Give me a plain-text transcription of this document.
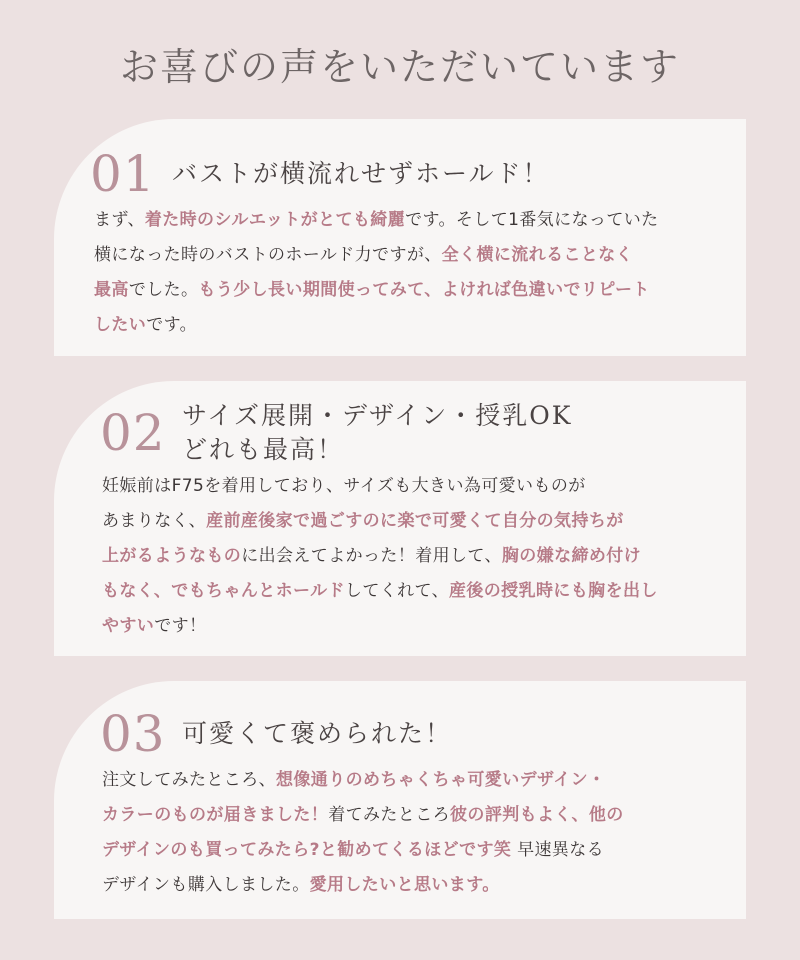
お喜びの声をいただいています
01 バストが横流れせずホールド！
まず、着た時のシルエットがとても綺麗です。そして1番気になっていた
横になった時のバストのホールド力ですが、全く横に流れることなく
最高でした。もう少し長い期間使ってみて、よければ色違いでリピート
したいです。
02 サイズ展開・デザイン・授乳OK
どれも最高！
妊娠前はF75を着用しており、サイズも大きい為可愛いものが
あまりなく、産前産後家で過ごすのに楽で可愛くて自分の気持ちが
上がるようなものに出会えてよかった！着用して、胸の嫌な締め付け
もなく、でもちゃんとホールドしてくれて、産後の授乳時にも胸を出し
やすいです！
03 可愛くて褒められた！
注文してみたところ、想像通りのめちゃくちゃ可愛いデザイン・
カラーのものが届きました！着てみたところ彼の評判もよく、他の
デザインのも買ってみたら?と勧めてくるほどです笑 早速異なる
デザインも購入しました。愛用したいと思います。
